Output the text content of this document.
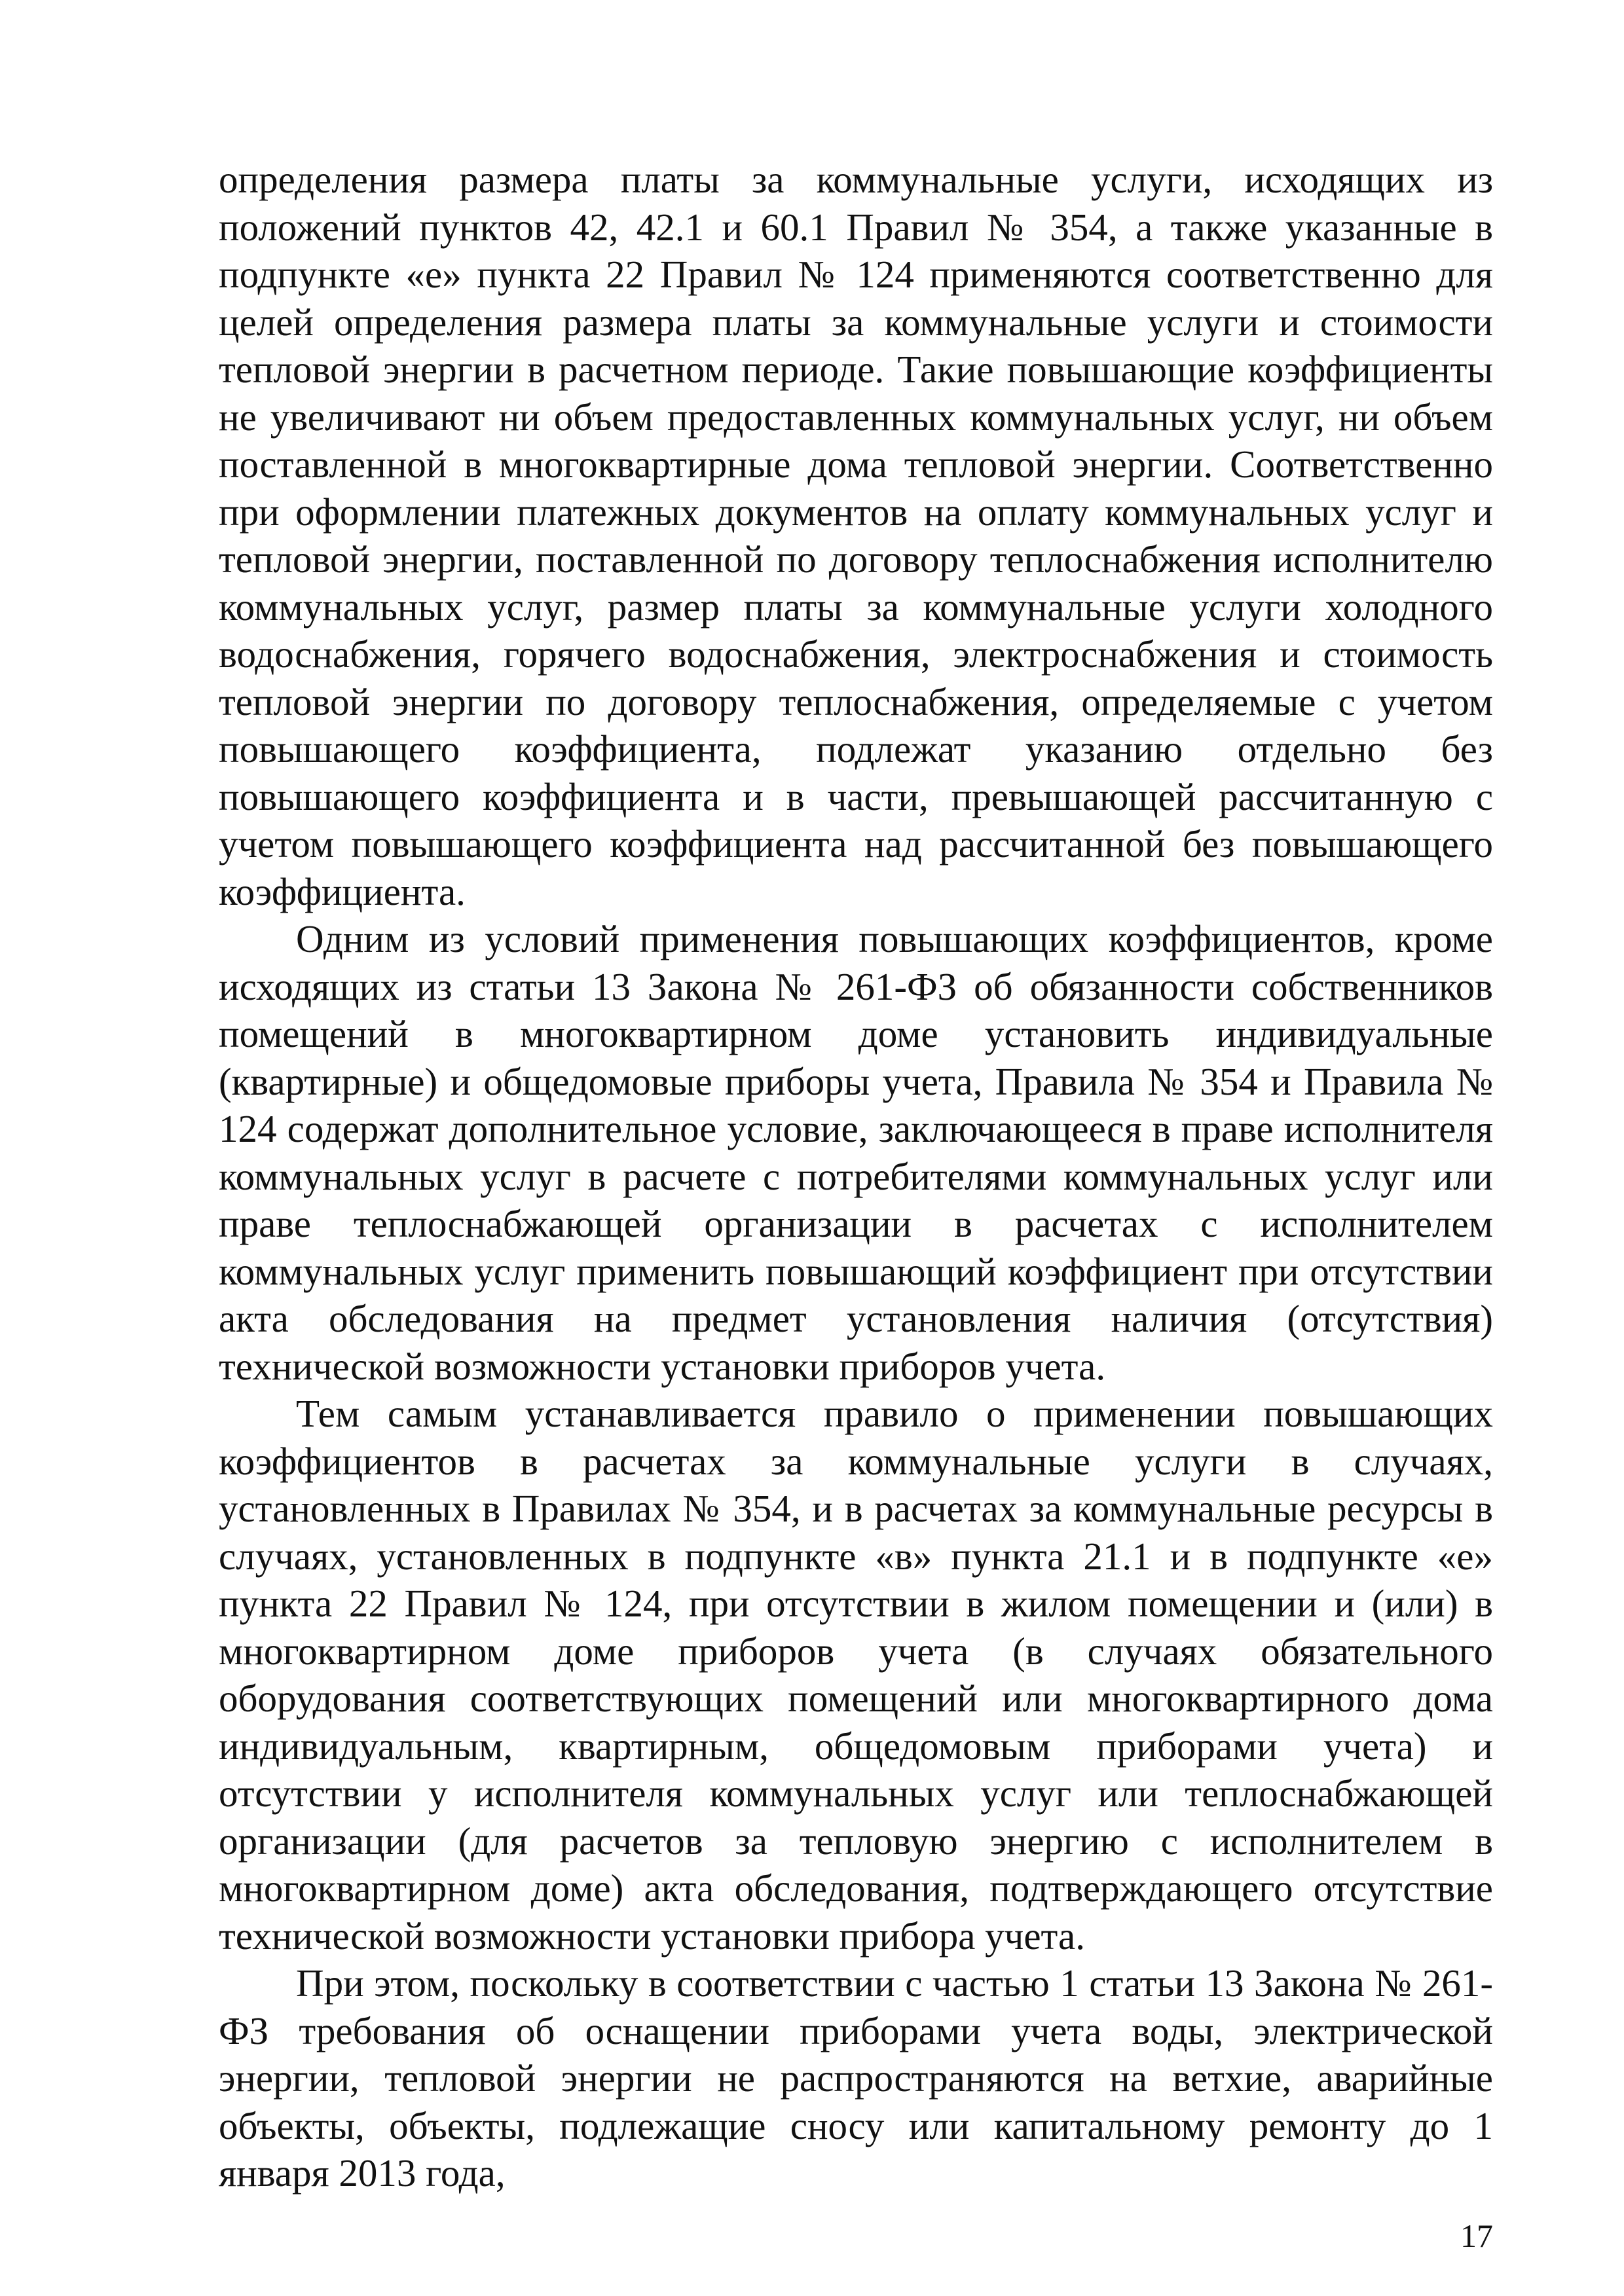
определения размера платы за коммунальные услуги, исходящих из положений пунктов 42, 42.1 и 60.1 Правил № 354, а также указанные в подпункте «е» пункта 22 Правил № 124 применяются соответственно для целей определения размера платы за коммунальные услуги и стоимости тепловой энергии в расчетном периоде. Такие повышающие коэффициенты не увеличивают ни объем предоставленных коммунальных услуг, ни объем поставленной в многоквартирные дома тепловой энергии. Соответственно при оформлении платежных документов на оплату коммунальных услуг и тепловой энергии, поставленной по договору теплоснабжения исполнителю коммунальных услуг, размер платы за коммунальные услуги холодного водоснабжения, горячего водоснабжения, электроснабжения и стоимость тепловой энергии по договору теплоснабжения, определяемые с учетом повышающего коэффициента, подлежат указанию отдельно без повышающего коэффициента и в части, превышающей рассчитанную с учетом повышающего коэффициента над рассчитанной без повышающего коэффициента.

Одним из условий применения повышающих коэффициентов, кроме исходящих из статьи 13 Закона № 261-ФЗ об обязанности собственников помещений в многоквартирном доме установить индивидуальные (квартирные) и общедомовые приборы учета, Правила № 354 и Правила № 124 содержат дополнительное условие, заключающееся в праве исполнителя коммунальных услуг в расчете с потребителями коммунальных услуг или праве теплоснабжающей организации в расчетах с исполнителем коммунальных услуг применить повышающий коэффициент при отсутствии акта обследования на предмет установления наличия (отсутствия) технической возможности установки приборов учета.

Тем самым устанавливается правило о применении повышающих коэффициентов в расчетах за коммунальные услуги в случаях, установленных в Правилах № 354, и в расчетах за коммунальные ресурсы в случаях, установленных в подпункте «в» пункта 21.1 и в подпункте «е» пункта 22 Правил № 124, при отсутствии в жилом помещении и (или) в многоквартирном доме приборов учета (в случаях обязательного оборудования соответствующих помещений или многоквартирного дома индивидуальным, квартирным, общедомовым приборами учета) и отсутствии у исполнителя коммунальных услуг или теплоснабжающей организации (для расчетов за тепловую энергию с исполнителем в многоквартирном доме) акта обследования, подтверждающего отсутствие технической возможности установки прибора учета.

При этом, поскольку в соответствии с частью 1 статьи 13 Закона № 261-ФЗ требования об оснащении приборами учета воды, электрической энергии, тепловой энергии не распространяются на ветхие, аварийные объекты, объекты, подлежащие сносу или капитальному ремонту до 1 января 2013 года,

17
